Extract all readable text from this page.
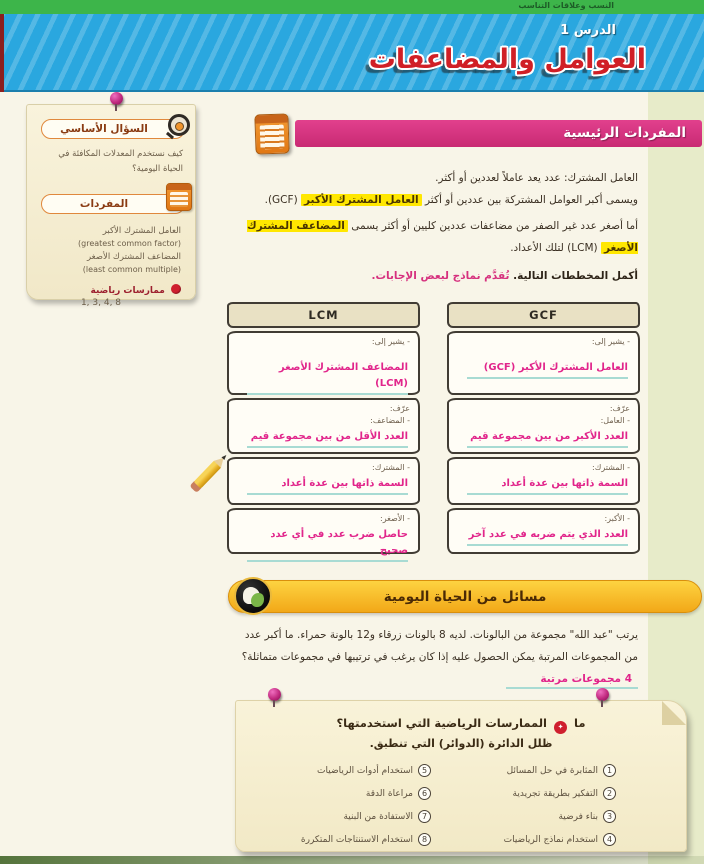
النسب وعلاقات التناسب
الدرس 1
العوامل والمضاعفات
السؤال الأساسي
كيف نستخدم المعدلات المكافئة في الحياة اليومية؟
المفردات
العامل المشترك الأكبر
(greatest common factor)
المضاعف المشترك الأصغر
(least common multiple)
ممارسات رياضية
1, 3, 4, 8
المفردات الرئيسية
العامل المشترك: عدد يعد عاملاً لعددين أو أكثر.
ويسمى أكبر العوامل المشتركة بين عددين أو أكثر العامل المشترك الأكبر (GCF).
أما أصغر عدد غير الصفر من مضاعفات عددين كليين أو أكثر يسمى المضاعف المشترك الأصغر (LCM) لتلك الأعداد.
أكمل المخططات التالية. تُقدَّم نماذج لبعض الإجابات.
GCF
- يشير إلى:
العامل المشترك الأكبر (GCF)
عرّف:
- العامل:
العدد الأكبر من بين مجموعة قيم
- المشترك:
السمة ذاتها بين عدة أعداد
- الأكبر:
العدد الذي يتم ضربه في عدد آخر
LCM
- يشير إلى:
المضاعف المشترك الأصغر (LCM)
عرّف:
- المضاعف:
العدد الأقل من بين مجموعة قيم
- المشترك:
السمة ذاتها بين عدة أعداد
- الأصغر:
حاصل ضرب عدد في أي عدد صحيح
مسائل من الحياة اليومية
يرتب "عبد الله" مجموعة من البالونات. لديه 8 بالونات زرقاء و12 بالونة حمراء. ما أكبر عدد من المجموعات المرتبة يمكن الحصول عليه إذا كان يرغب في ترتيبها في مجموعات متماثلة؟ 4 مجموعات مرتبة
ما ✦ الممارسات الرياضية التي استخدمتها؟
ظلل الدائرة (الدوائر) التي تنطبق.
1
المثابرة في حل المسائل
2
التفكير بطريقة تجريدية
3
بناء فرضية
4
استخدام نماذج الرياضيات
5
استخدام أدوات الرياضيات
6
مراعاة الدقة
7
الاستفادة من البنية
8
استخدام الاستنتاجات المتكررة
